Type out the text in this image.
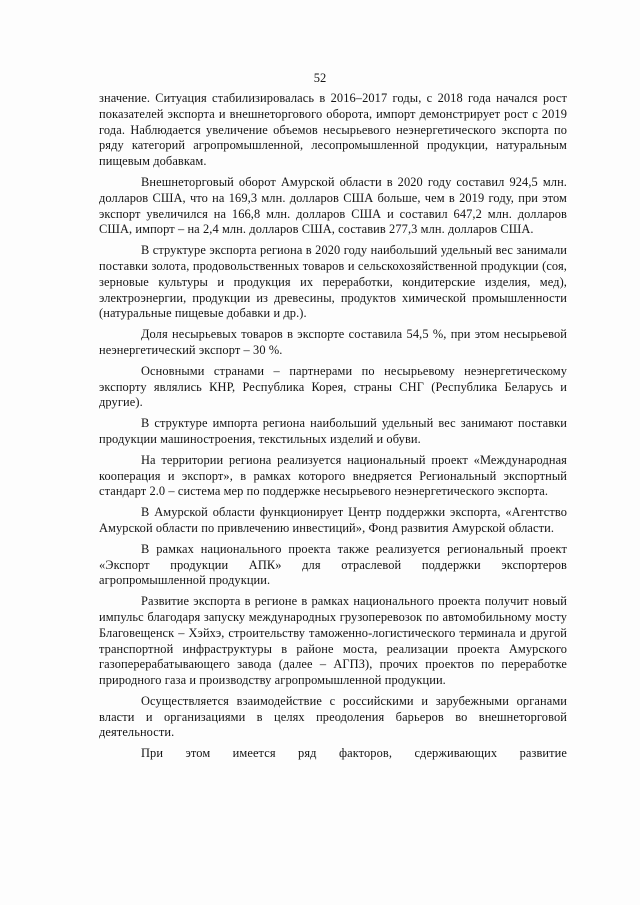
52

значение. Ситуация стабилизировалась в 2016–2017 годы, с 2018 года начался рост показателей экспорта и внешнеторгового оборота, импорт демонстрирует рост с 2019 года. Наблюдается увеличение объемов несырьевого неэнергетического экспорта по ряду категорий агропромышленной, лесопромышленной продукции, натуральным пищевым добавкам.

Внешнеторговый оборот Амурской области в 2020 году составил 924,5 млн. долларов США, что на 169,3 млн. долларов США больше, чем в 2019 году, при этом экспорт увеличился на 166,8 млн. долларов США и составил 647,2 млн. долларов США, импорт – на 2,4 млн. долларов США, составив 277,3 млн. долларов США.

В структуре экспорта региона в 2020 году наибольший удельный вес занимали поставки золота, продовольственных товаров и сельскохозяйственной продукции (соя, зерновые культуры и продукция их переработки, кондитерские изделия, мед), электроэнергии, продукции из древесины, продуктов химической промышленности (натуральные пищевые добавки и др.).

Доля несырьевых товаров в экспорте составила 54,5 %, при этом несырьевой неэнергетический экспорт – 30 %.

Основными странами – партнерами по несырьевому неэнергетическому экспорту являлись КНР, Республика Корея, страны СНГ (Республика Беларусь и другие).

В структуре импорта региона наибольший удельный вес занимают поставки продукции машиностроения, текстильных изделий и обуви.

На территории региона реализуется национальный проект «Международная кооперация и экспорт», в рамках которого внедряется Региональный экспортный стандарт 2.0 – система мер по поддержке несырьевого неэнергетического экспорта.

В Амурской области функционирует Центр поддержки экспорта, «Агентство Амурской области по привлечению инвестиций», Фонд развития Амурской области.

В рамках национального проекта также реализуется региональный проект «Экспорт продукции АПК» для отраслевой поддержки экспортеров агропромышленной продукции.

Развитие экспорта в регионе в рамках национального проекта получит новый импульс благодаря запуску международных грузоперевозок по автомобильному мосту Благовещенск – Хэйхэ, строительству таможенно-логистического терминала и другой транспортной инфраструктуры в районе моста, реализации проекта Амурского газоперерабатывающего завода (далее – АГПЗ), прочих проектов по переработке природного газа и производству агропромышленной продукции.

Осуществляется взаимодействие с российскими и зарубежными органами власти и организациями в целях преодоления барьеров во внешнеторговой деятельности.

При этом имеется ряд факторов, сдерживающих развитие
